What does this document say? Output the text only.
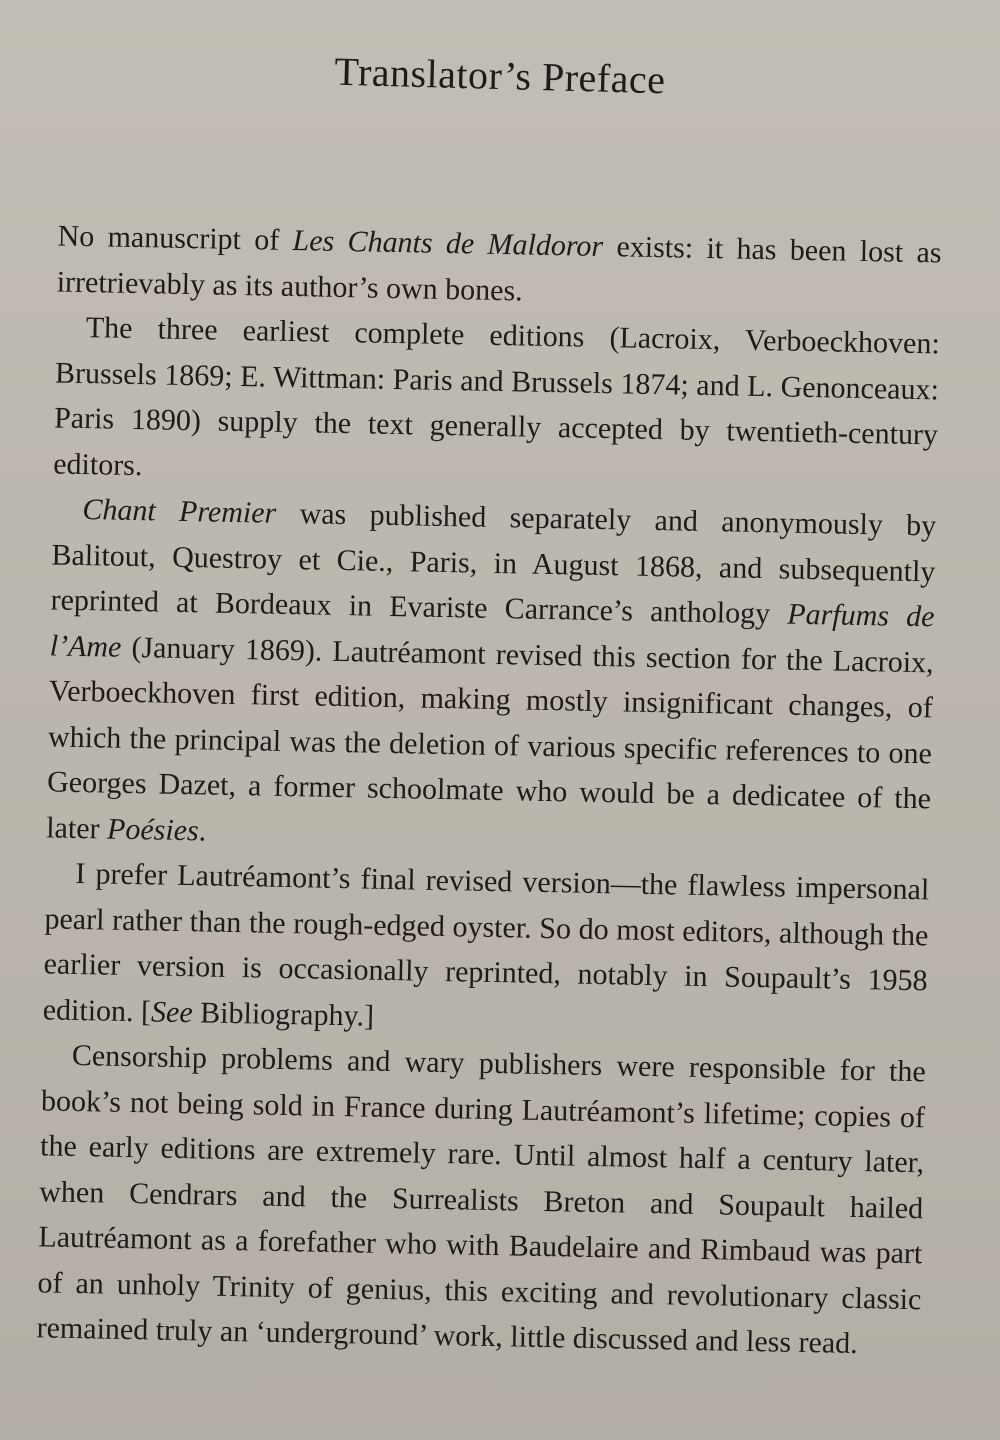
Translator’s Preface

No manuscript of Les Chants de Maldoror exists: it has been lost as irretrievably as its author’s own bones.

The three earliest complete editions (Lacroix, Verboeckhoven: Brussels 1869; E. Wittman: Paris and Brussels 1874; and L. Genonceaux: Paris 1890) supply the text generally accepted by twentieth-century editors.

Chant Premier was published separately and anonymously by Balitout, Questroy et Cie., Paris, in August 1868, and subsequently reprinted at Bordeaux in Evariste Carrance’s anthology Parfums de l’Ame (January 1869). Lautréamont revised this section for the Lacroix, Verboeckhoven first edition, making mostly insignificant changes, of which the principal was the deletion of various specific references to one Georges Dazet, a former schoolmate who would be a dedicatee of the later Poésies.

I prefer Lautréamont’s final revised version—the flawless impersonal pearl rather than the rough-edged oyster. So do most editors, although the earlier version is occasionally reprinted, notably in Soupault’s 1958 edition. [See Bibliography.]

Censorship problems and wary publishers were responsible for the book’s not being sold in France during Lautréamont’s lifetime; copies of the early editions are extremely rare. Until almost half a century later, when Cendrars and the Surrealists Breton and Soupault hailed Lautréamont as a forefather who with Baudelaire and Rimbaud was part of an unholy Trinity of genius, this exciting and revolutionary classic remained truly an ‘underground’ work, little discussed and less read.
